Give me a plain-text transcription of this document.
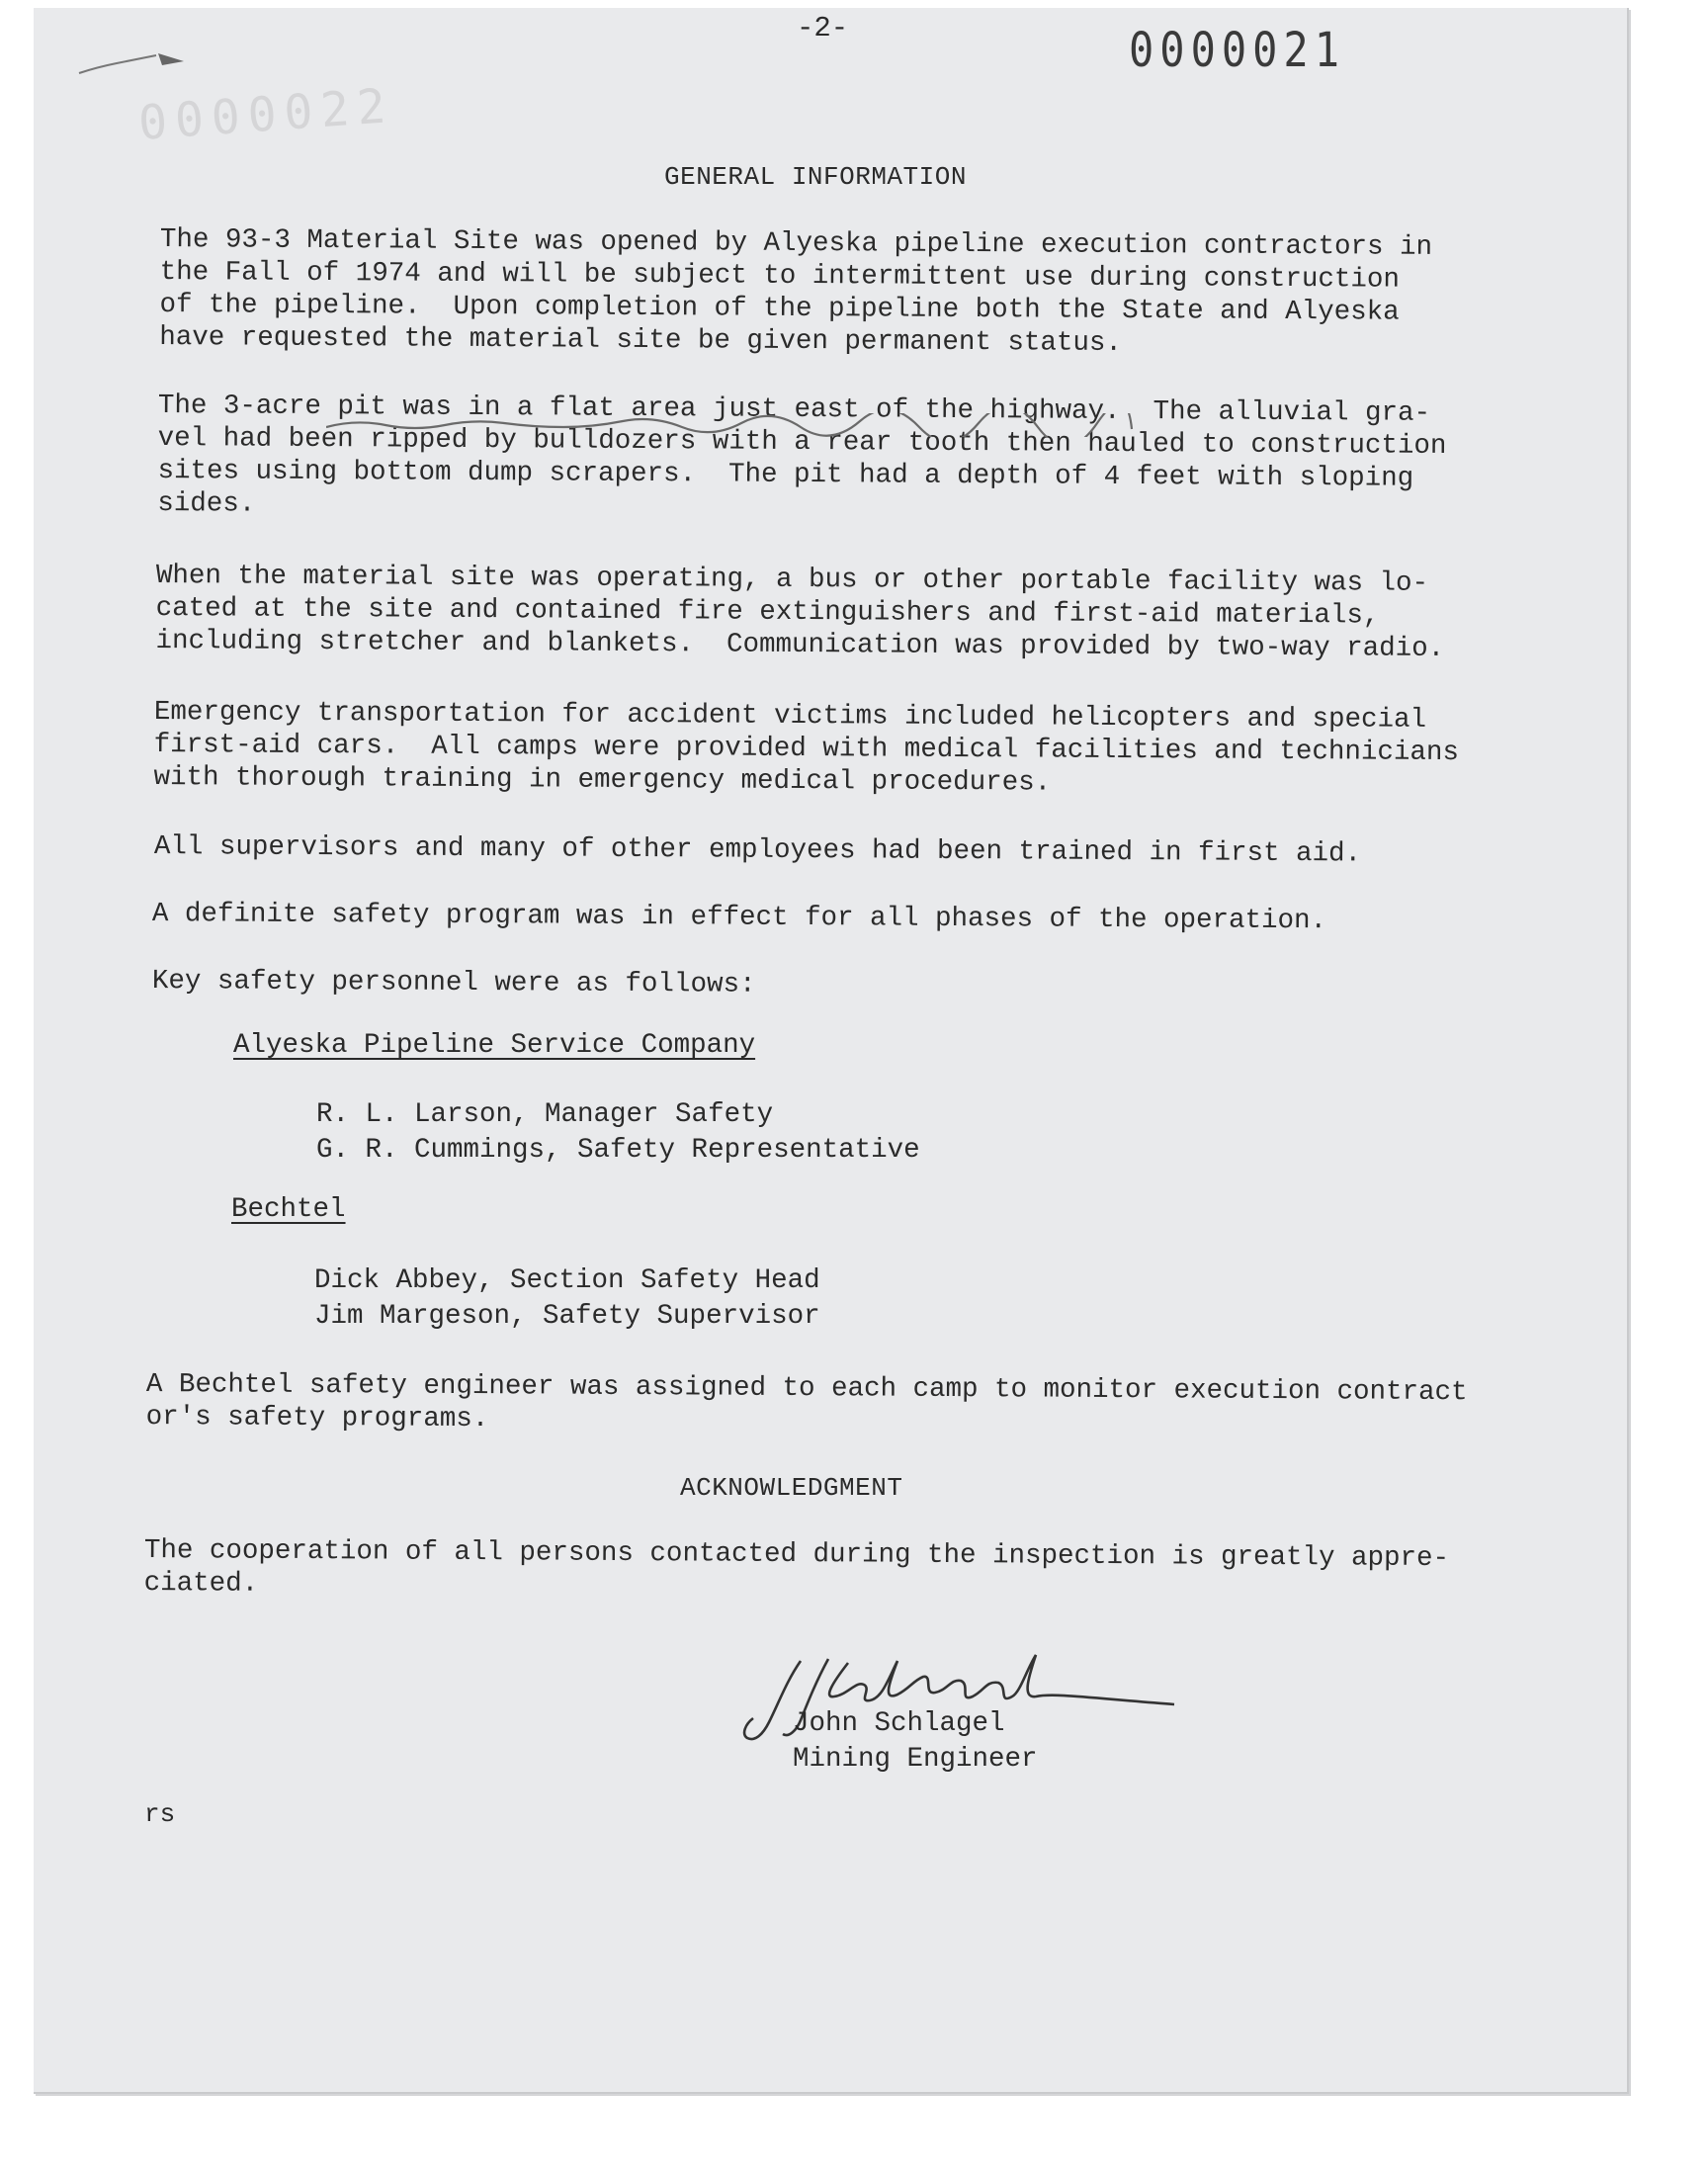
0000022
-2-	0000021
GENERAL INFORMATION
The 93-3 Material Site was opened by Alyeska pipeline execution contractors in
the Fall of 1974 and will be subject to intermittent use during construction
of the pipeline.  Upon completion of the pipeline both the State and Alyeska
have requested the material site be given permanent status.
The 3-acre pit was in a flat area just east of the highway.  The alluvial gra-
vel had been ripped by bulldozers with a rear tooth then hauled to construction
sites using bottom dump scrapers.  The pit had a depth of 4 feet with sloping
sides.
When the material site was operating, a bus or other portable facility was lo-
cated at the site and contained fire extinguishers and first-aid materials,
including stretcher and blankets.  Communication was provided by two-way radio.
Emergency transportation for accident victims included helicopters and special
first-aid cars.  All camps were provided with medical facilities and technicians
with thorough training in emergency medical procedures.
All supervisors and many of other employees had been trained in first aid.
A definite safety program was in effect for all phases of the operation.
Key safety personnel were as follows:
Alyeska Pipeline Service Company
R. L. Larson, Manager Safety
G. R. Cummings, Safety Representative
Bechtel
Dick Abbey, Section Safety Head
Jim Margeson, Safety Supervisor
A Bechtel safety engineer was assigned to each camp to monitor execution contract
or's safety programs.
ACKNOWLEDGMENT
The cooperation of all persons contacted during the inspection is greatly appre-
ciated.
John Schlagel
Mining Engineer
rs
